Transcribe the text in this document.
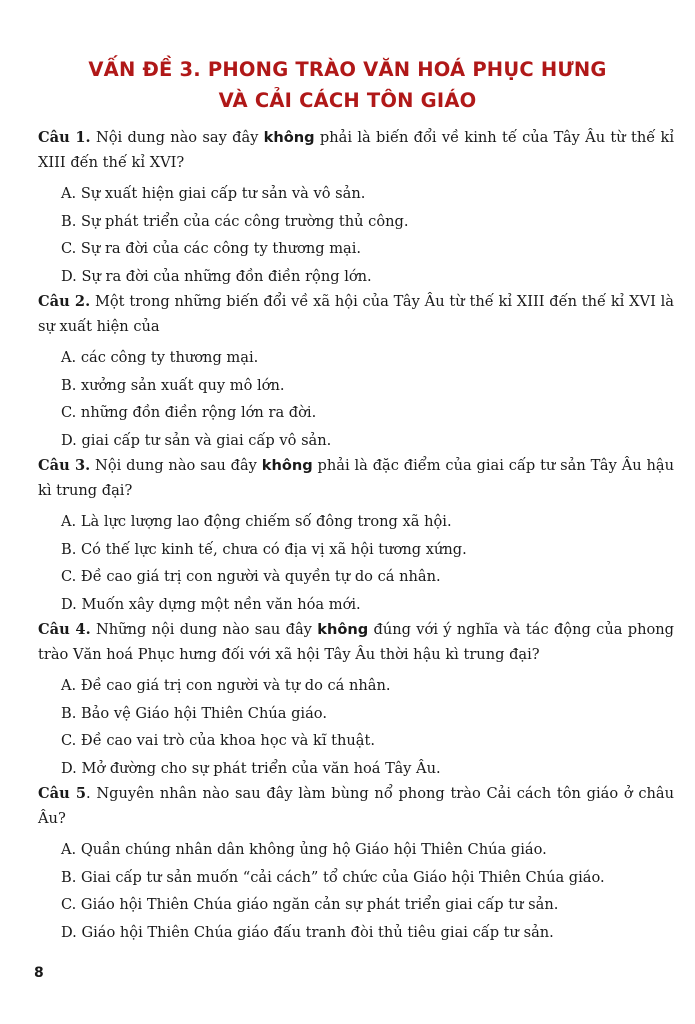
VẤN ĐỀ 3. PHONG TRÀO VĂN HOÁ PHỤC HƯNG
VÀ CẢI CÁCH TÔN GIÁO
Câu 1. Nội dung nào say đây không phải là biến đổi về kinh tế của Tây Âu từ thế kỉ XIII đến thế kỉ XVI?
A. Sự xuất hiện giai cấp tư sản và vô sản.
B. Sự phát triển của các công trường thủ công.
C. Sự ra đời của các công ty thương mại.
D. Sự ra đời của những đồn điền rộng lớn.
Câu 2. Một trong những biến đổi về xã hội của Tây Âu từ thế kỉ XIII đến thế kỉ XVI là sự xuất hiện của
A. các công ty thương mại.
B. xưởng sản xuất quy mô lớn.
C. những đồn điền rộng lớn ra đời.
D. giai cấp tư sản và giai cấp vô sản.
Câu 3. Nội dung nào sau đây không phải là đặc điểm của giai cấp tư sản Tây Âu hậu kì trung đại?
A. Là lực lượng lao động chiếm số đông trong xã hội.
B. Có thế lực kinh tế, chưa có địa vị xã hội tương xứng.
C. Đề cao giá trị con người và quyền tự do cá nhân.
D. Muốn xây dựng một nền văn hóa mới.
Câu 4. Những nội dung nào sau đây không đúng với ý nghĩa và tác động của phong trào Văn hoá Phục hưng đối với xã hội Tây Âu thời hậu kì trung đại?
A. Đề cao giá trị con người và tự do cá nhân.
B. Bảo vệ Giáo hội Thiên Chúa giáo.
C. Đề cao vai trò của khoa học và kĩ thuật.
D. Mở đường cho sự phát triển của văn hoá Tây Âu.
Câu 5. Nguyên nhân nào sau đây làm bùng nổ phong trào Cải cách tôn giáo ở châu Âu?
A. Quần chúng nhân dân không ủng hộ Giáo hội Thiên Chúa giáo.
B. Giai cấp tư sản muốn “cải cách” tổ chức của Giáo hội Thiên Chúa giáo.
C. Giáo hội Thiên Chúa giáo ngăn cản sự phát triển giai cấp tư sản.
D. Giáo hội Thiên Chúa giáo đấu tranh đòi thủ tiêu giai cấp tư sản.
8
